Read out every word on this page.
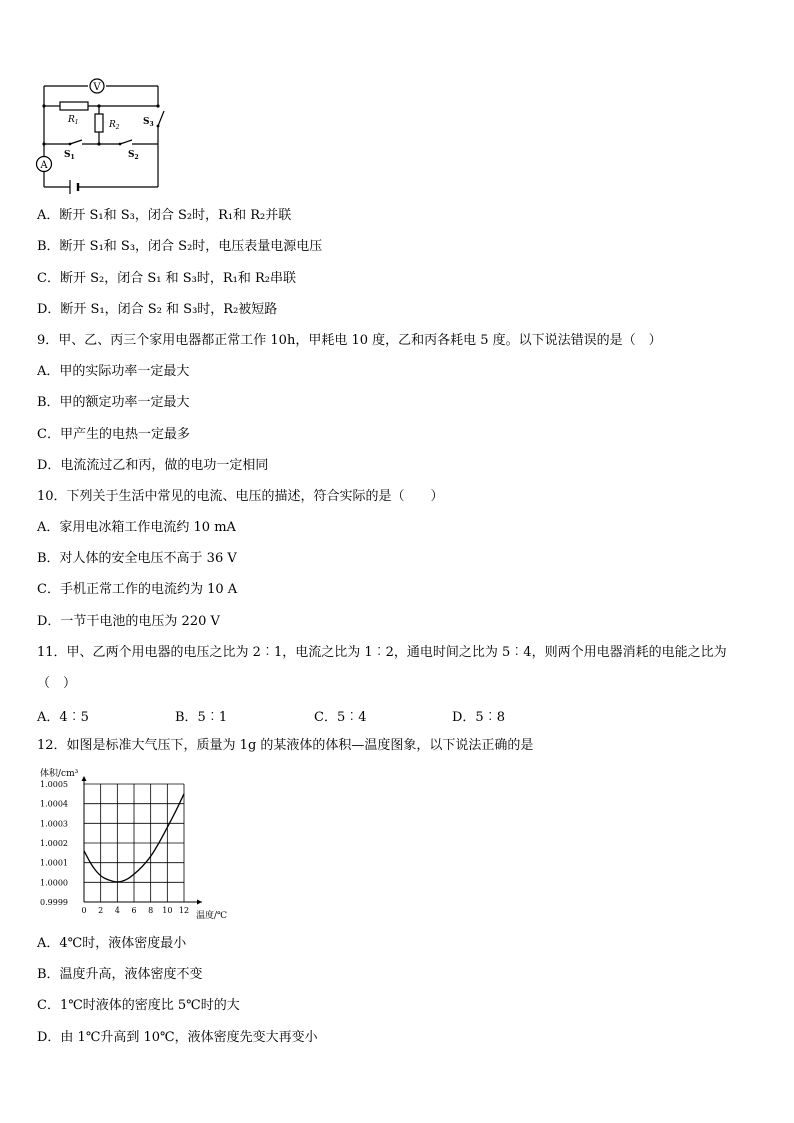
V
A
$R_1$	$R_2$
$S_3$
$S_1$	$S_2$
A．断开 S₁和 S₃，闭合 S₂时，R₁和 R₂并联
B．断开 S₁和 S₃，闭合 S₂时，电压表量电源电压
C．断开 S₂，闭合 S₁ 和 S₃时，R₁和 R₂串联
D．断开 S₁，闭合 S₂ 和 S₃时，R₂被短路
9．甲、乙、丙三个家用电器都正常工作 10h，甲耗电 10 度，乙和丙各耗电 5 度。以下说法错误的是（　）
A．甲的实际功率一定最大
B．甲的额定功率一定最大
C．甲产生的电热一定最多
D．电流流过乙和丙，做的电功一定相同
10．下列关于生活中常见的电流、电压的描述，符合实际的是（　　）
A．家用电冰箱工作电流约 10 mA
B．对人体的安全电压不高于 36 V
C．手机正常工作的电流约为 10 A
D．一节干电池的电压为 220 V
11．甲、乙两个用电器的电压之比为 2︰1，电流之比为 1︰2，通电时间之比为 5︰4，则两个用电器消耗的电能之比为
（　）
A．4︰5	B．5︰1	C．5︰4	D．5︰8
12．如图是标准大气压下，质量为 1g 的某液体的体积—温度图象，以下说法正确的是
0.9999
1.0000
1.0001
1.0002
1.0003
1.0004
1.0005
0 2 4 6 8 10 12
体积/cm³
温度/℃
A．4℃时，液体密度最小
B．温度升高，液体密度不变
C．1℃时液体的密度比 5℃时的大
D．由 1℃升高到 10℃，液体密度先变大再变小
